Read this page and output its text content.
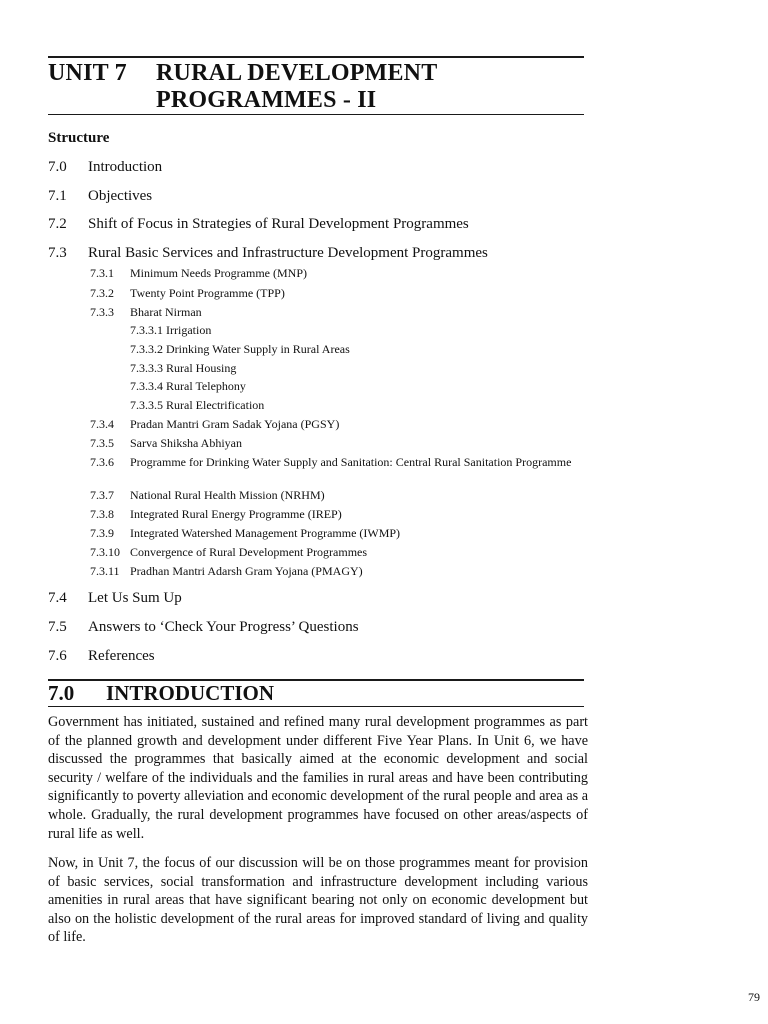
UNIT 7 RURAL DEVELOPMENT
PROGRAMMES - II
Structure
7.0	Introduction
7.1	Objectives
7.2	Shift of Focus in Strategies of Rural Development Programmes
7.3	Rural Basic Services and Infrastructure Development Programmes
7.3.1	Minimum Needs Programme (MNP)
7.3.2	Twenty Point Programme (TPP)
7.3.3	Bharat Nirman
7.3.3.1 Irrigation
7.3.3.2 Drinking Water Supply in Rural Areas
7.3.3.3 Rural Housing
7.3.3.4 Rural Telephony
7.3.3.5 Rural Electrification
7.3.4	Pradan Mantri Gram Sadak Yojana (PGSY)
7.3.5	Sarva Shiksha Abhiyan
7.3.6	Programme for Drinking Water Supply and Sanitation: Central Rural Sanitation Programme
7.3.7	National Rural Health Mission (NRHM)
7.3.8	Integrated Rural Energy Programme (IREP)
7.3.9	Integrated Watershed Management Programme (IWMP)
7.3.10 Convergence of Rural Development Programmes
7.3.11 Pradhan Mantri Adarsh Gram Yojana (PMAGY)
7.4	Let Us Sum Up
7.5	Answers to ‘Check Your Progress’ Questions
7.6	References
7.0 INTRODUCTION

Government has initiated, sustained and refined many rural development programmes as part of the planned growth and development under different Five Year Plans. In Unit 6, we have discussed the programmes that basically aimed at the economic development and social security / welfare of the individuals and the families in rural areas and have been contributing significantly to poverty alleviation and economic development of the rural people and area as a whole. Gradually, the rural development programmes have focused on other areas/aspects of rural life as well.

Now, in Unit 7, the focus of our discussion will be on those programmes meant for provision of basic services, social transformation and infrastructure development including various amenities in rural areas that have significant bearing not only on economic development but also on the holistic development of the rural areas for improved standard of living and quality of life.

79
